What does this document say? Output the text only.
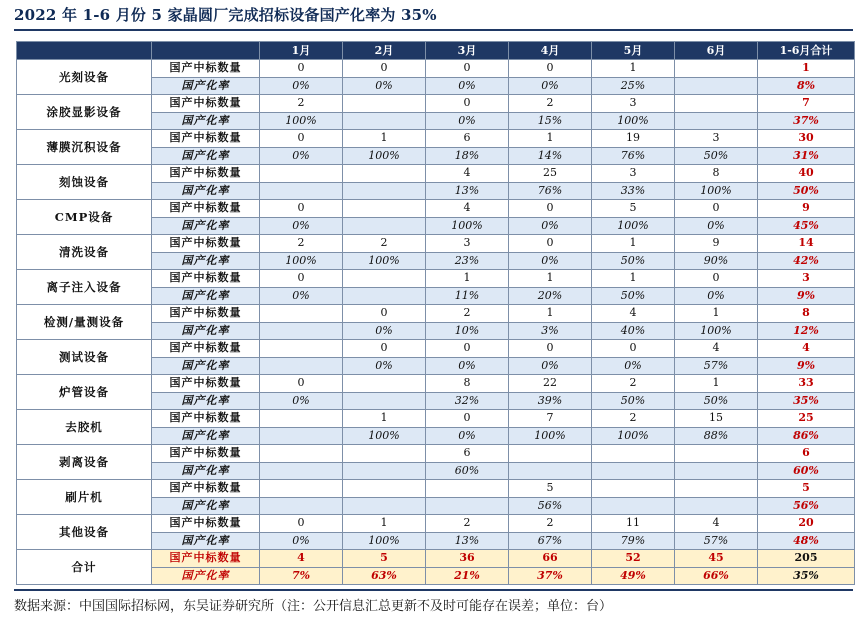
2022 年 1-6 月份 5 家晶圆厂完成招标设备国产化率为 35%
		1月	2月	3月	4月	5月	6月	1-6月合计
光刻设备	国产中标数量	0	0	0	0	1		1
	国产化率	0%	0%	0%	0%	25%		8%
涂胶显影设备	国产中标数量	2		0	2	3		7
	国产化率	100%		0%	15%	100%		37%
薄膜沉积设备	国产中标数量	0	1	6	1	19	3	30
	国产化率	0%	100%	18%	14%	76%	50%	31%
刻蚀设备	国产中标数量			4	25	3	8	40
	国产化率			13%	76%	33%	100%	50%
CMP设备	国产中标数量	0		4	0	5	0	9
	国产化率	0%		100%	0%	100%	0%	45%
清洗设备	国产中标数量	2	2	3	0	1	9	14
	国产化率	100%	100%	23%	0%	50%	90%	42%
离子注入设备	国产中标数量	0		1	1	1	0	3
	国产化率	0%		11%	20%	50%	0%	9%
检测/量测设备	国产中标数量		0	2	1	4	1	8
	国产化率		0%	10%	3%	40%	100%	12%
测试设备	国产中标数量		0	0	0	0	4	4
	国产化率		0%	0%	0%	0%	57%	9%
炉管设备	国产中标数量	0		8	22	2	1	33
	国产化率	0%		32%	39%	50%	50%	35%
去胶机	国产中标数量		1	0	7	2	15	25
	国产化率		100%	0%	100%	100%	88%	86%
剥离设备	国产中标数量			6				6
	国产化率			60%				60%
刷片机	国产中标数量				5			5
	国产化率				56%			56%
其他设备	国产中标数量	0	1	2	2	11	4	20
	国产化率	0%	100%	13%	67%	79%	57%	48%
合计	国产中标数量	4	5	36	66	52	45	205
	国产化率	7%	63%	21%	37%	49%	66%	35%
数据来源：中国国际招标网，东吴证券研究所（注：公开信息汇总更新不及时可能存在误差；单位：台）
